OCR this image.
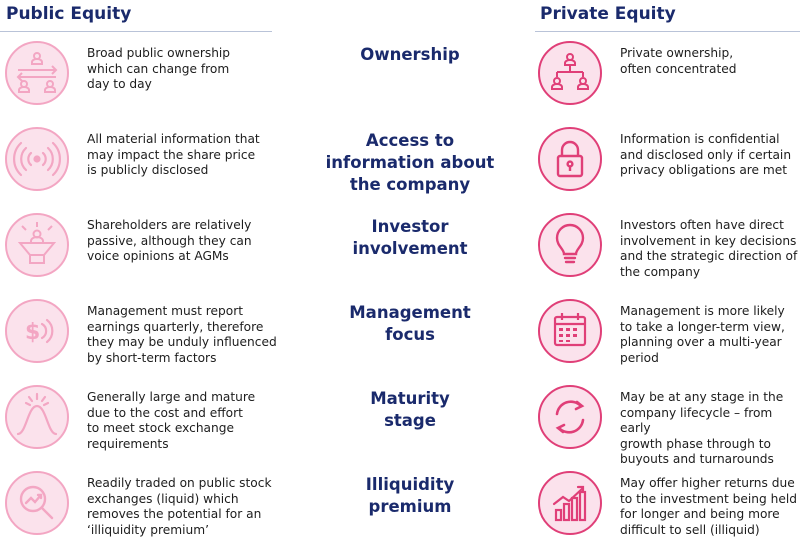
Public Equity	Private Equity
Broad public ownership
which can change from
day to day
Ownership	Private ownership,
often concentrated
All material information that
may impact the share price
is publicly disclosed
Access to
information about
the company
Information is confidential
and disclosed only if certain
privacy obligations are met
Shareholders are relatively
passive, although they can
voice opinions at AGMs
Investor
involvement
Investors often have direct
involvement in key decisions
and the strategic direction of
the company
$
Management must report
earnings quarterly, therefore
they may be unduly influenced
by short-term factors
Management
focus
Management is more likely
to take a longer-term view,
planning over a multi-year
period
Generally large and mature
due to the cost and effort
to meet stock exchange
requirements
Maturity
stage
May be at any stage in the
company lifecycle – from early
growth phase through to
buyouts and turnarounds
Readily traded on public stock
exchanges (liquid) which
removes the potential for an
‘illiquidity premium’
Illiquidity
premium
May offer higher returns due
to the investment being held
for longer and being more
difficult to sell (illiquid)
